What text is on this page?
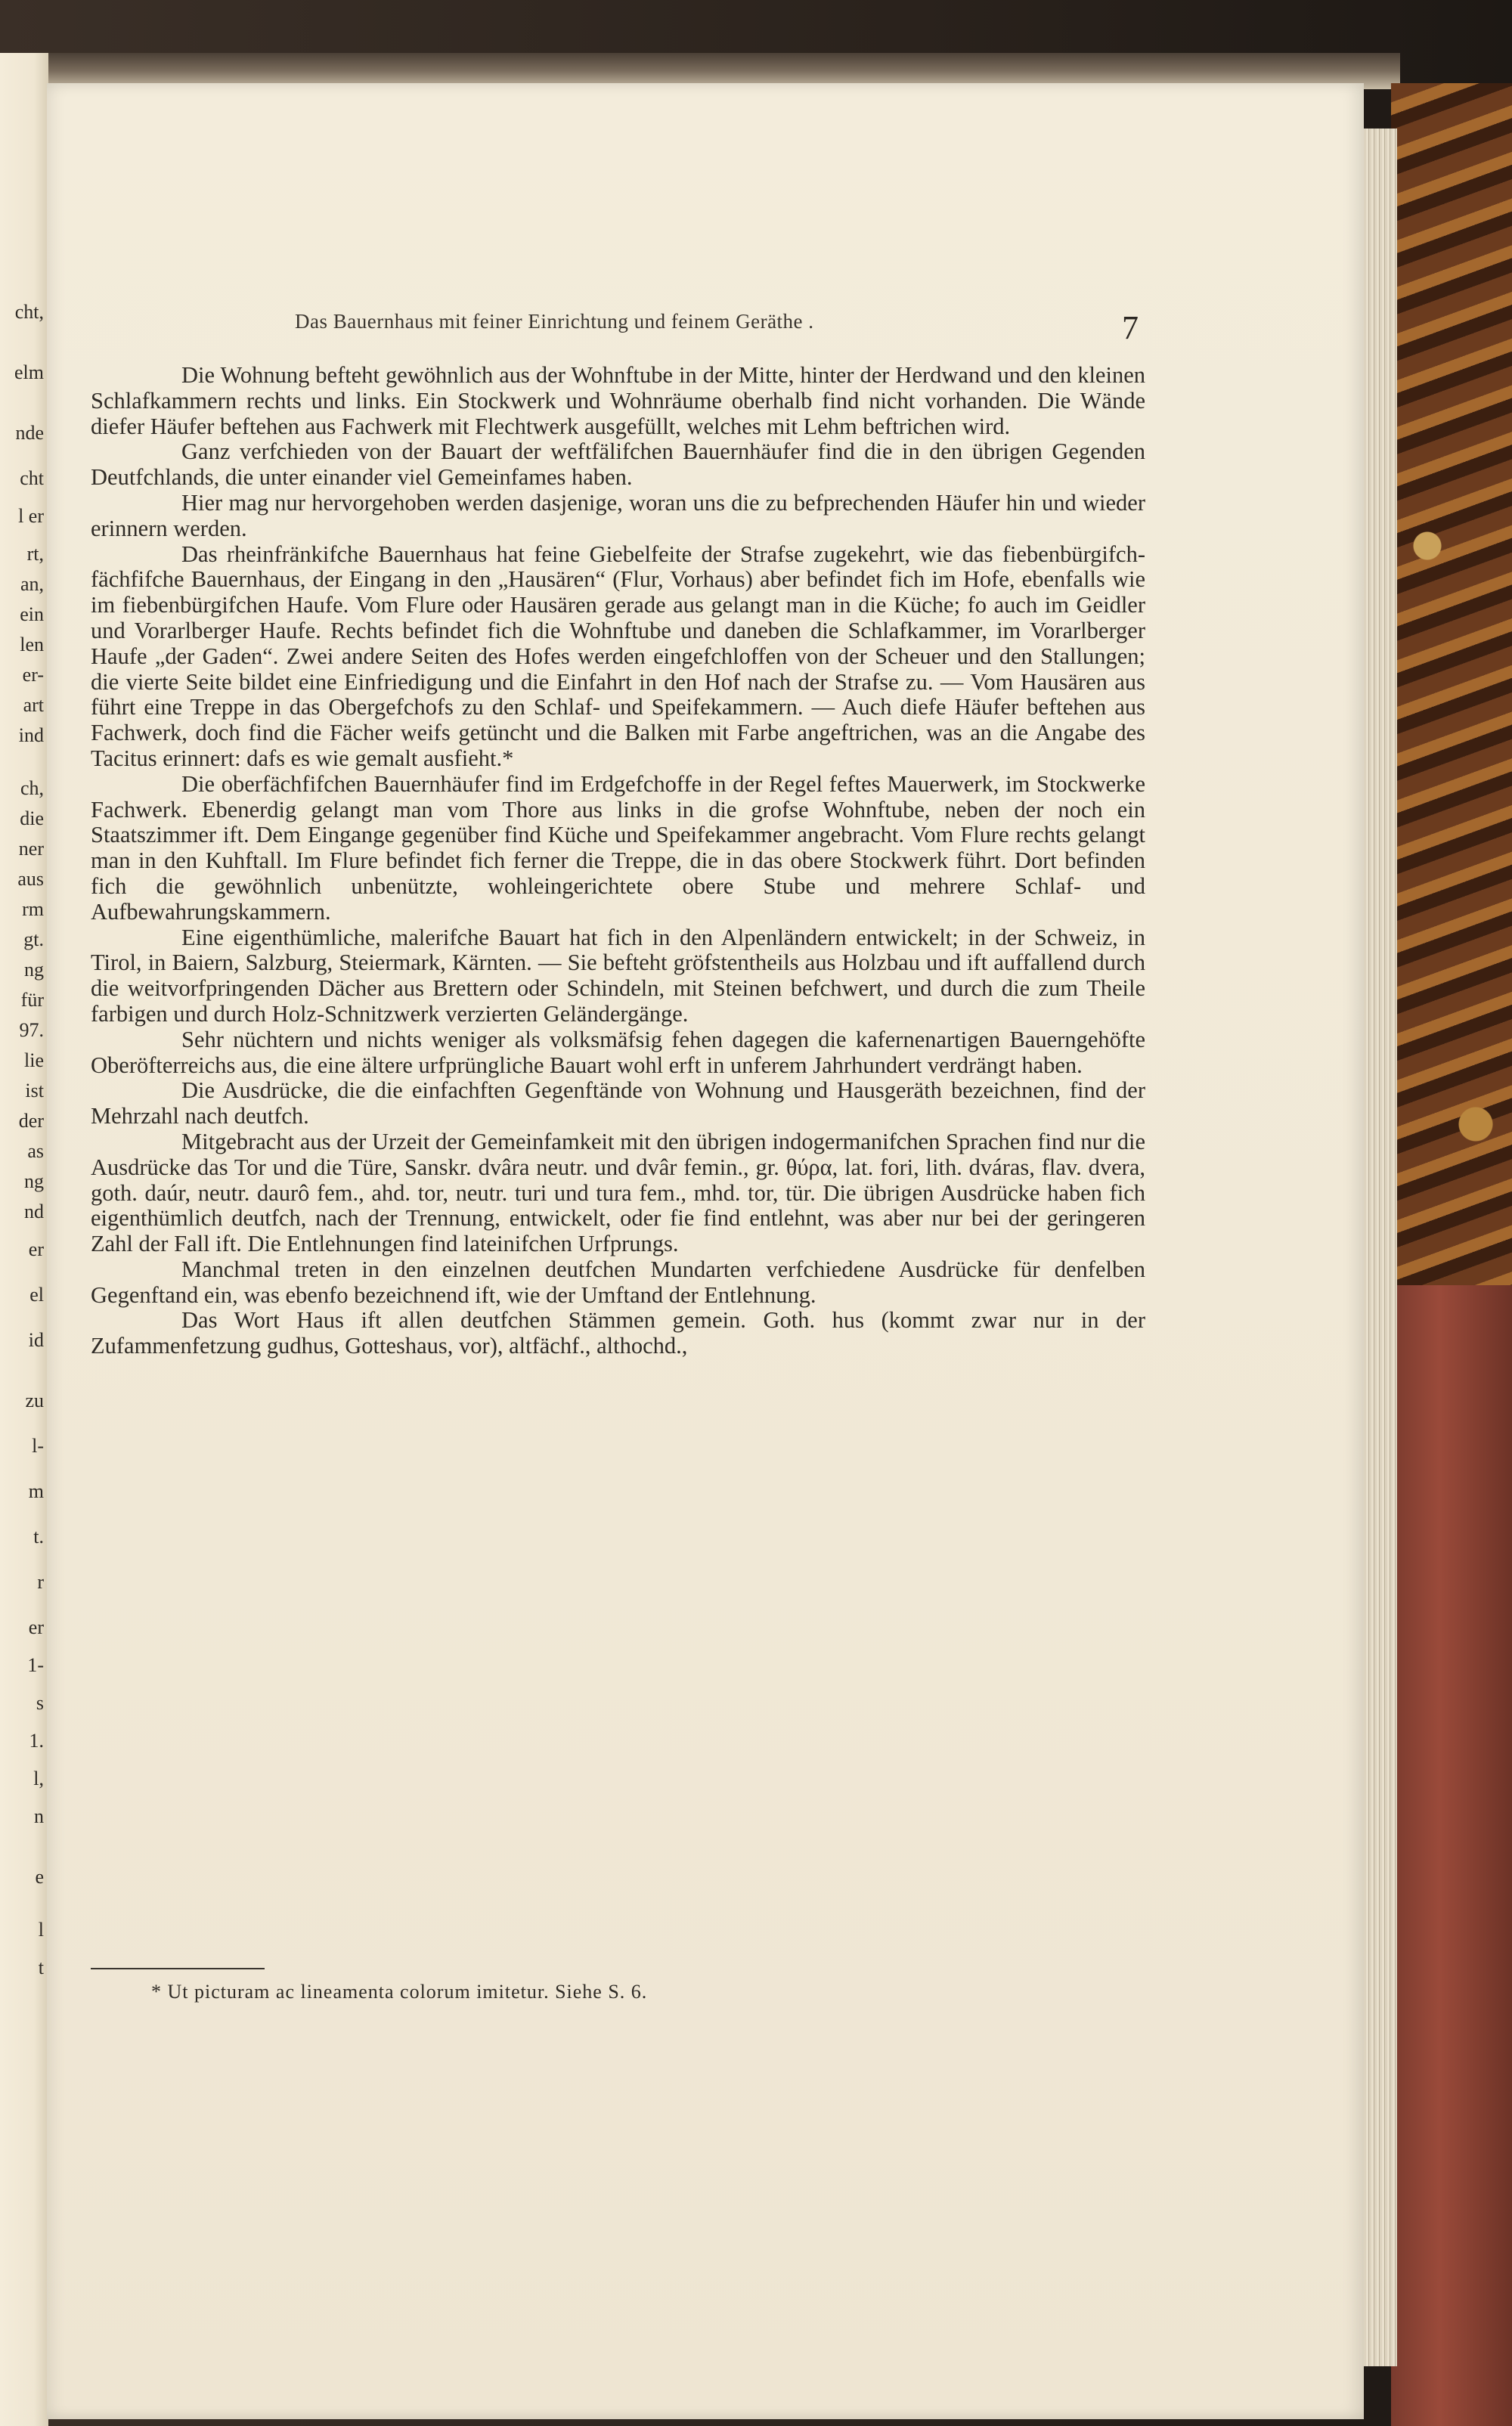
cht,
elm
nde
cht
l er
rt,
an,
ein
len
er-
art
ind
ch,
die
ner
aus
rm
gt.
ng
für
97.
lie
ist
der
as
ng
nd
er
el
id
zu
l-
m
t.
r
er
1-
s
1.
l,
n
e
l
t
Das Bauernhaus mit feiner Einrichtung und feinem Geräthe .	7

Die Wohnung befteht gewöhnlich aus der Wohnftube in der Mitte, hinter der Herdwand und den kleinen Schlafkammern rechts und links. Ein Stockwerk und Wohnräume oberhalb find nicht vorhanden. Die Wände diefer Häufer beftehen aus Fachwerk mit Flechtwerk ausgefüllt, welches mit Lehm beftrichen wird.

Ganz verfchieden von der Bauart der weftfälifchen Bauernhäufer find die in den übrigen Gegenden Deutfchlands, die unter einander viel Gemeinfames haben.

Hier mag nur hervorgehoben werden dasjenige, woran uns die zu befprechenden Häufer hin und wieder erinnern werden.

Das rheinfränkifche Bauernhaus hat feine Giebelfeite der Strafse zugekehrt, wie das fiebenbürgifch-fächfifche Bauernhaus, der Eingang in den „Hausären“ (Flur, Vorhaus) aber befindet fich im Hofe, ebenfalls wie im fiebenbürgifchen Haufe. Vom Flure oder Hausären gerade aus gelangt man in die Küche; fo auch im Geidler und Vorarlberger Haufe. Rechts befindet fich die Wohnftube und daneben die Schlafkammer, im Vorarlberger Haufe „der Gaden“. Zwei andere Seiten des Hofes werden eingefchloffen von der Scheuer und den Stallungen; die vierte Seite bildet eine Einfriedigung und die Einfahrt in den Hof nach der Strafse zu. — Vom Hausären aus führt eine Treppe in das Obergefchofs zu den Schlaf- und Speifekammern. — Auch diefe Häufer beftehen aus Fachwerk, doch find die Fächer weifs getüncht und die Balken mit Farbe angeftrichen, was an die Angabe des Tacitus erinnert: dafs es wie gemalt ausfieht.*

Die oberfächfifchen Bauernhäufer find im Erdgefchoffe in der Regel feftes Mauerwerk, im Stockwerke Fachwerk. Ebenerdig gelangt man vom Thore aus links in die grofse Wohnftube, neben der noch ein Staatszimmer ift. Dem Eingange gegenüber find Küche und Speifekammer angebracht. Vom Flure rechts gelangt man in den Kuhftall. Im Flure befindet fich ferner die Treppe, die in das obere Stockwerk führt. Dort befinden fich die gewöhnlich unbenützte, wohleingerichtete obere Stube und mehrere Schlaf- und Aufbewahrungskammern.

Eine eigenthümliche, malerifche Bauart hat fich in den Alpenländern entwickelt; in der Schweiz, in Tirol, in Baiern, Salzburg, Steiermark, Kärnten. — Sie befteht gröfstentheils aus Holzbau und ift auffallend durch die weitvorfpringenden Dächer aus Brettern oder Schindeln, mit Steinen befchwert, und durch die zum Theile farbigen und durch Holz-Schnitzwerk verzierten Geländergänge.

Sehr nüchtern und nichts weniger als volksmäfsig fehen dagegen die kafernenartigen Bauerngehöfte Oberöfterreichs aus, die eine ältere urfprüngliche Bauart wohl erft in unferem Jahrhundert verdrängt haben.

Die Ausdrücke, die die einfachften Gegenftände von Wohnung und Hausgeräth bezeichnen, find der Mehrzahl nach deutfch.

Mitgebracht aus der Urzeit der Gemeinfamkeit mit den übrigen indogermanifchen Sprachen find nur die Ausdrücke das Tor und die Türe, Sanskr. dvâra neutr. und dvâr femin., gr. θύρα, lat. fori, lith. dváras, flav. dvera, goth. daúr, neutr. daurô fem., ahd. tor, neutr. turi und tura fem., mhd. tor, tür. Die übrigen Ausdrücke haben fich eigenthümlich deutfch, nach der Trennung, entwickelt, oder fie find entlehnt, was aber nur bei der geringeren Zahl der Fall ift. Die Entlehnungen find lateinifchen Urfprungs.

Manchmal treten in den einzelnen deutfchen Mundarten verfchiedene Ausdrücke für denfelben Gegenftand ein, was ebenfo bezeichnend ift, wie der Umftand der Entlehnung.

Das Wort Haus ift allen deutfchen Stämmen gemein. Goth. hus (kommt zwar nur in der Zufammenfetzung gudhus, Gotteshaus, vor), altfächf., althochd.,

* Ut picturam ac lineamenta colorum imitetur. Siehe S. 6.
